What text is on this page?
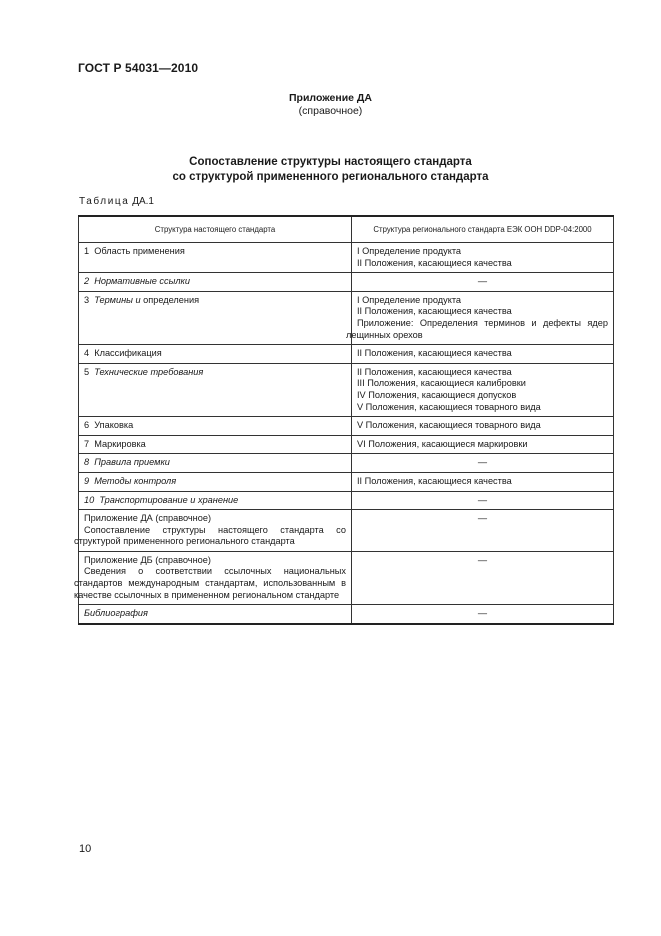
ГОСТ Р 54031—2010
Приложение ДА
(справочное)
Сопоставление структуры настоящего стандарта
со структурой примененного регионального стандарта
Таблица ДА.1
Структура настоящего стандарта	Структура регионального стандарта ЕЭК ООН DDP-04:2000
1 Область применения	I Определение продукта
II Положения, касающиеся качества

2 Нормативные ссылки	—
3 Термины и определения	I Определение продукта
II Положения, касающиеся качества
Приложение: Определения терминов и дефекты ядер лещинных орехов

4 Классификация	II Положения, касающиеся качества

5 Технические требования	II Положения, касающиеся качества
III Положения, касающиеся калибровки
IV Положения, касающиеся допусков
V Положения, касающиеся товарного вида

6 Упаковка	V Положения, касающиеся товарного вида

7 Маркировка	VI Положения, касающиеся маркировки

8 Правила приемки	—
9 Методы контроля	II Положения, касающиеся качества

10 Транспортирование и хранение	—

Приложение ДА (справочное)
Сопоставление структуры настоящего стандарта со структурой примененного регионального стандарта	—

Приложение ДБ (справочное)
Сведения о соответствии ссылочных национальных стандартов международным стандартам, использованным в качестве ссылочных в примененном региональном стандарте	—
Библиография	—
10
